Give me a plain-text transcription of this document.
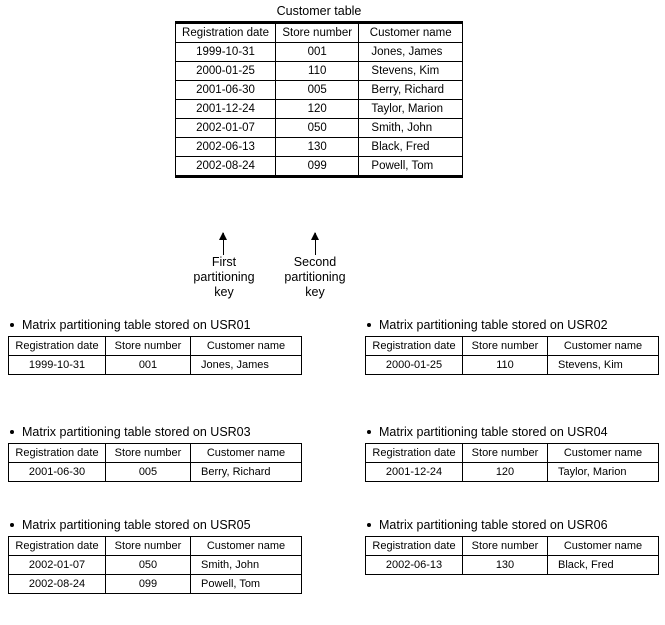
Customer table
Registration date	Store number	Customer name
1999-10-31	001	Jones, James
2000-01-25	110	Stevens, Kim
2001-06-30	005	Berry, Richard
2001-12-24	120	Taylor, Marion
2002-01-07	050	Smith, John
2002-06-13	130	Black, Fred
2002-08-24	099	Powell, Tom
First
partitioning
key
Second
partitioning
key
Matrix partitioning table stored on USR01
Registration date	Store number	Customer name
1999-10-31	001	Jones, James
Matrix partitioning table stored on USR02
Registration date	Store number	Customer name
2000-01-25	110	Stevens, Kim
Matrix partitioning table stored on USR03
Registration date	Store number	Customer name
2001-06-30	005	Berry, Richard
Matrix partitioning table stored on USR04
Registration date	Store number	Customer name
2001-12-24	120	Taylor, Marion
Matrix partitioning table stored on USR05
Registration date	Store number	Customer name
2002-01-07	050	Smith, John
2002-08-24	099	Powell, Tom
Matrix partitioning table stored on USR06
Registration date	Store number	Customer name
2002-06-13	130	Black, Fred
